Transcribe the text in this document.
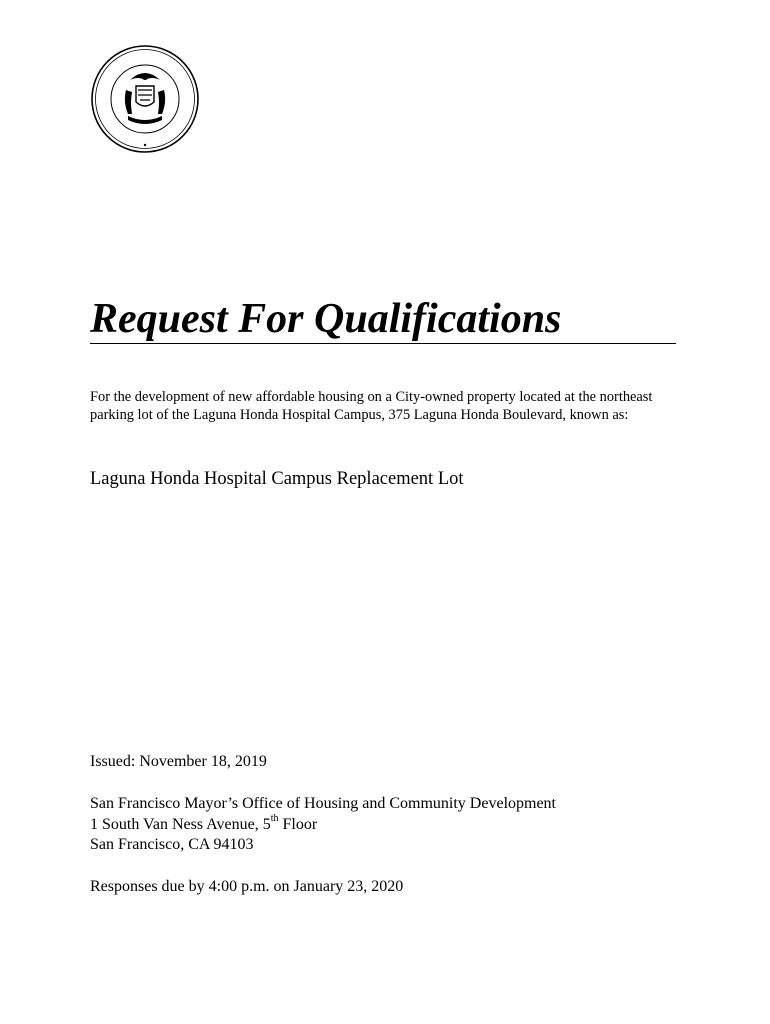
Request For Qualifications
For the development of new affordable housing on a City-owned property located at the northeast parking lot of the Laguna Honda Hospital Campus, 375 Laguna Honda Boulevard, known as:
Laguna Honda Hospital Campus Replacement Lot
Issued: November 18, 2019
San Francisco Mayor’s Office of Housing and Community Development
1 South Van Ness Avenue, 5th Floor
San Francisco, CA 94103
Responses due by 4:00 p.m. on January 23, 2020
